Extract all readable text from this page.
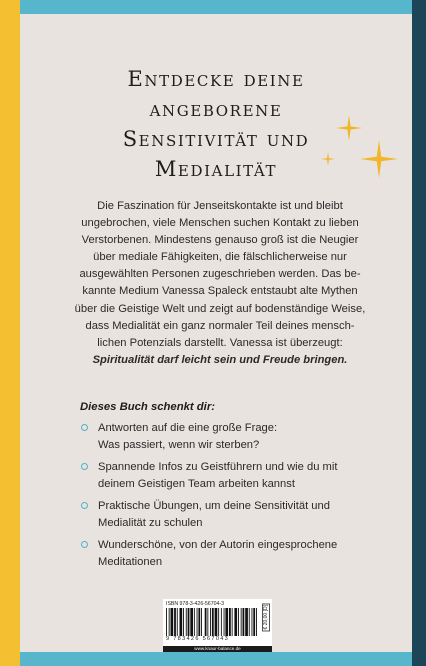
Entdecke deine
angeborene
Sensitivität und
Medialität
Die Faszination für Jenseitskontakte ist und bleibt
ungebrochen, viele Menschen suchen Kontakt zu lieben
Verstorbenen. Mindestens genauso groß ist die Neugier
über mediale Fähigkeiten, die fälschlicherweise nur
ausgewählten Personen zugeschrieben werden. Das be-
kannte Medium Vanessa Spaleck entstaubt alte Mythen
über die Geistige Welt und zeigt auf bodenständige Weise,
dass Medialität ein ganz normaler Teil deines mensch-
lichen Potenzials darstellt. Vanessa ist überzeugt:
Spiritualität darf leicht sein und Freude bringen.
Dieses Buch schenkt dir:
Antworten auf die eine große Frage:
Was passiert, wenn wir sterben?
Spannende Infos zu Geistführern und wie du mit
deinem Geistigen Team arbeiten kannst
Praktische Übungen, um deine Sensitivität und
Medialität zu schulen
Wunderschöne, von der Autorin eingesprochene
Meditationen
ISBN 978-3-426-56704-3
9 783426 567043
€ 20,00 [D]
www.knaur-balance.de
